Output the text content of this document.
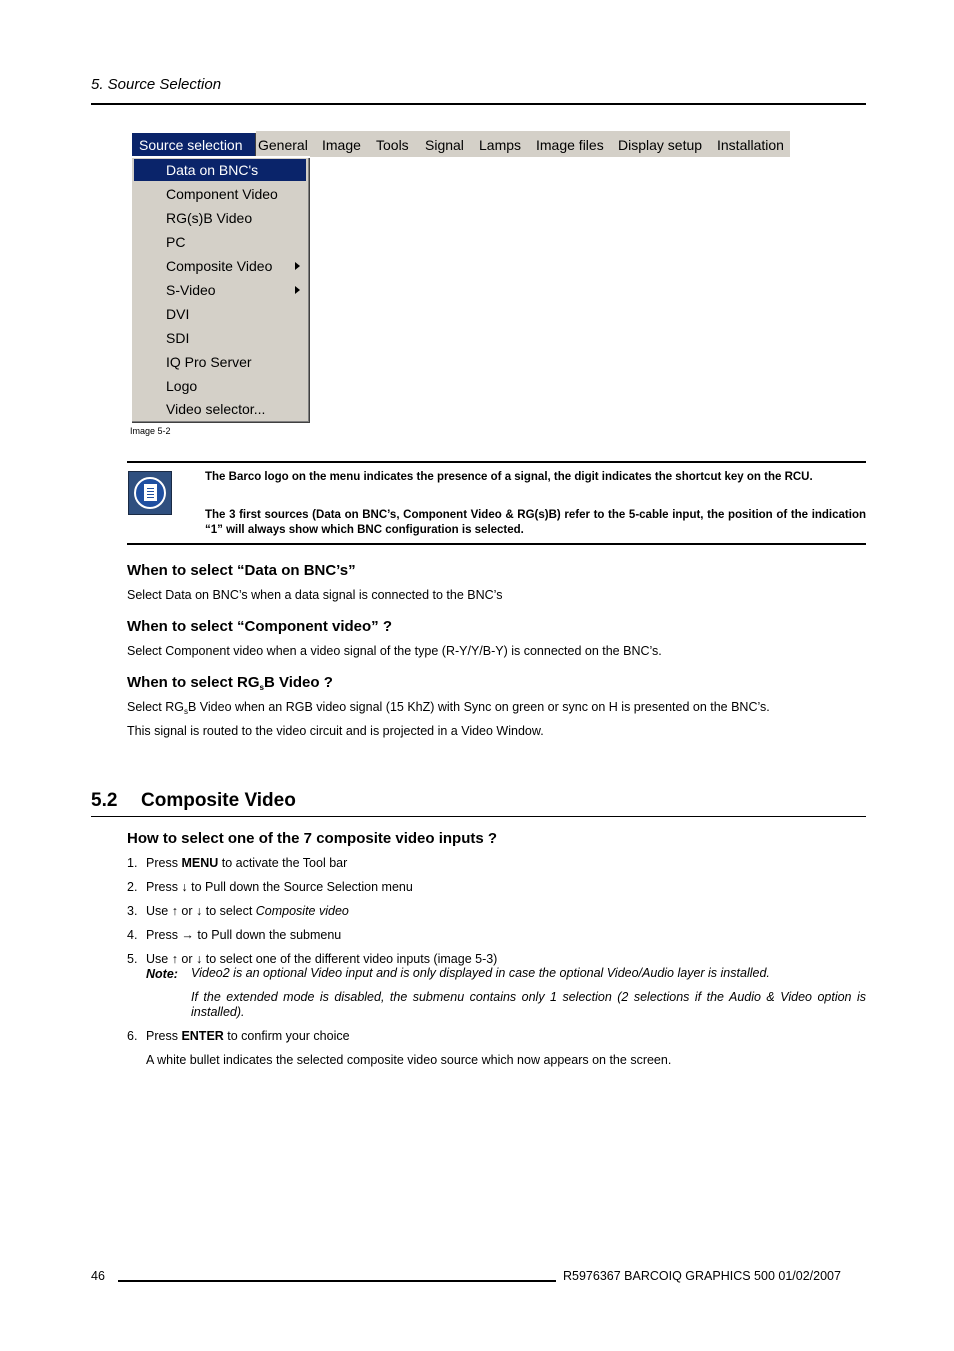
5. Source Selection
Source selection	General Image Tools Signal Lamps Image files Display setup Installation
Data on BNC's
Component Video
RG(s)B Video
PC
Composite Video
S-Video
DVI
SDI
IQ Pro Server
Logo
Video selector...
Image 5-2
The Barco logo on the menu indicates the presence of a signal, the digit indicates the shortcut key on the RCU.
The 3 first sources (Data on BNC’s, Component Video & RG(s)B) refer to the 5-cable input, the position of the indication “1” will always show which BNC configuration is selected.
When to select “Data on BNC’s”
Select Data on BNC’s when a data signal is connected to the BNC’s
When to select “Component video” ?
Select Component video when a video signal of the type (R-Y/Y/B-Y) is connected on the BNC’s.
When to select $RG_sB$ Video ?
Select $RG_sB$ Video when an RGB video signal (15 KhZ) with Sync on green or sync on H is presented on the BNC’s.
This signal is routed to the video circuit and is projected in a Video Window.
5.2 Composite Video
How to select one of the 7 composite video inputs ?
1. Press MENU to activate the Tool bar
2. Press ↓ to Pull down the Source Selection menu
3. Use ↑ or ↓ to select Composite video
4. Press → to Pull down the submenu
5. Use ↑ or ↓ to select one of the different video inputs (image 5-3)
Note: Video2 is an optional Video input and is only displayed in case the optional Video/Audio layer is installed.
If the extended mode is disabled, the submenu contains only 1 selection (2 selections if the Audio & Video option is installed).
6. Press ENTER to confirm your choice
A white bullet indicates the selected composite video source which now appears on the screen.
46	R5976367 BARCOIQ GRAPHICS 500 01/02/2007
